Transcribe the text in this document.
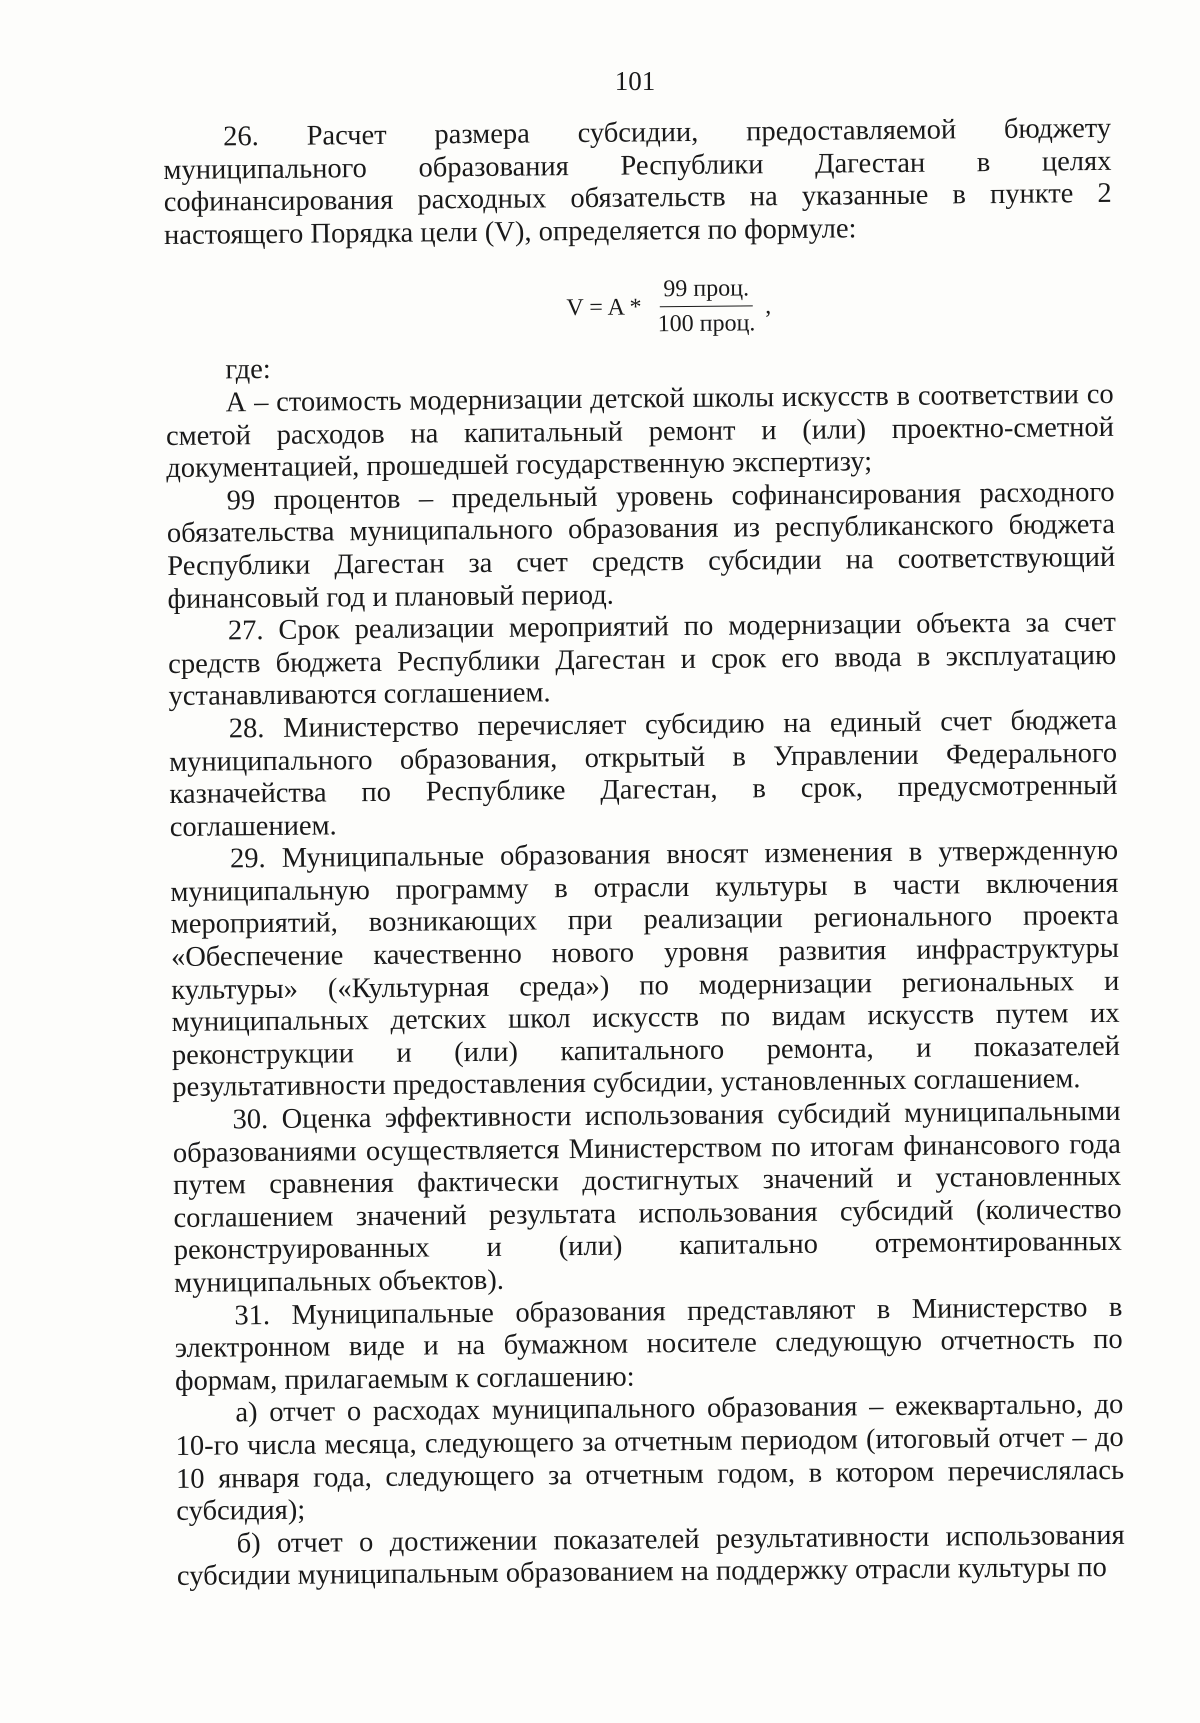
101

26. Расчет размера субсидии, предоставляемой бюджету муниципального образования Республики Дагестан в целях софинансирования расходных обязательств на указанные в пункте 2 настоящего Порядка цели (V), определяется по формуле:

$V = A * \frac{\text{99 проц.}}{\text{100 проц.}}$ ,

где:

А – стоимость модернизации детской школы искусств в соответствии со сметой расходов на капитальный ремонт и (или) проектно-сметной документацией, прошедшей государственную экспертизу;

99 процентов – предельный уровень софинансирования расходного обязательства муниципального образования из республиканского бюджета Республики Дагестан за счет средств субсидии на соответствующий финансовый год и плановый период.

27. Срок реализации мероприятий по модернизации объекта за счет средств бюджета Республики Дагестан и срок его ввода в эксплуатацию устанавливаются соглашением.

28. Министерство перечисляет субсидию на единый счет бюджета муниципального образования, открытый в Управлении Федерального казначейства по Республике Дагестан, в срок, предусмотренный соглашением.

29. Муниципальные образования вносят изменения в утвержденную муниципальную программу в отрасли культуры в части включения мероприятий, возникающих при реализации регионального проекта «Обеспечение качественно нового уровня развития инфраструктуры культуры» («Культурная среда») по модернизации региональных и муниципальных детских школ искусств по видам искусств путем их реконструкции и (или) капитального ремонта, и показателей результативности предоставления субсидии, установленных соглашением.

30. Оценка эффективности использования субсидий муниципальными образованиями осуществляется Министерством по итогам финансового года путем сравнения фактически достигнутых значений и установленных соглашением значений результата использования субсидий (количество реконструированных и (или) капитально отремонтированных муниципальных объектов).

31. Муниципальные образования представляют в Министерство в электронном виде и на бумажном носителе следующую отчетность по формам, прилагаемым к соглашению:

а) отчет о расходах муниципального образования – ежеквартально, до 10-го числа месяца, следующего за отчетным периодом (итоговый отчет – до 10 января года, следующего за отчетным годом, в котором перечислялась субсидия);

б) отчет о достижении показателей результативности использования субсидии муниципальным образованием на поддержку отрасли культуры по
